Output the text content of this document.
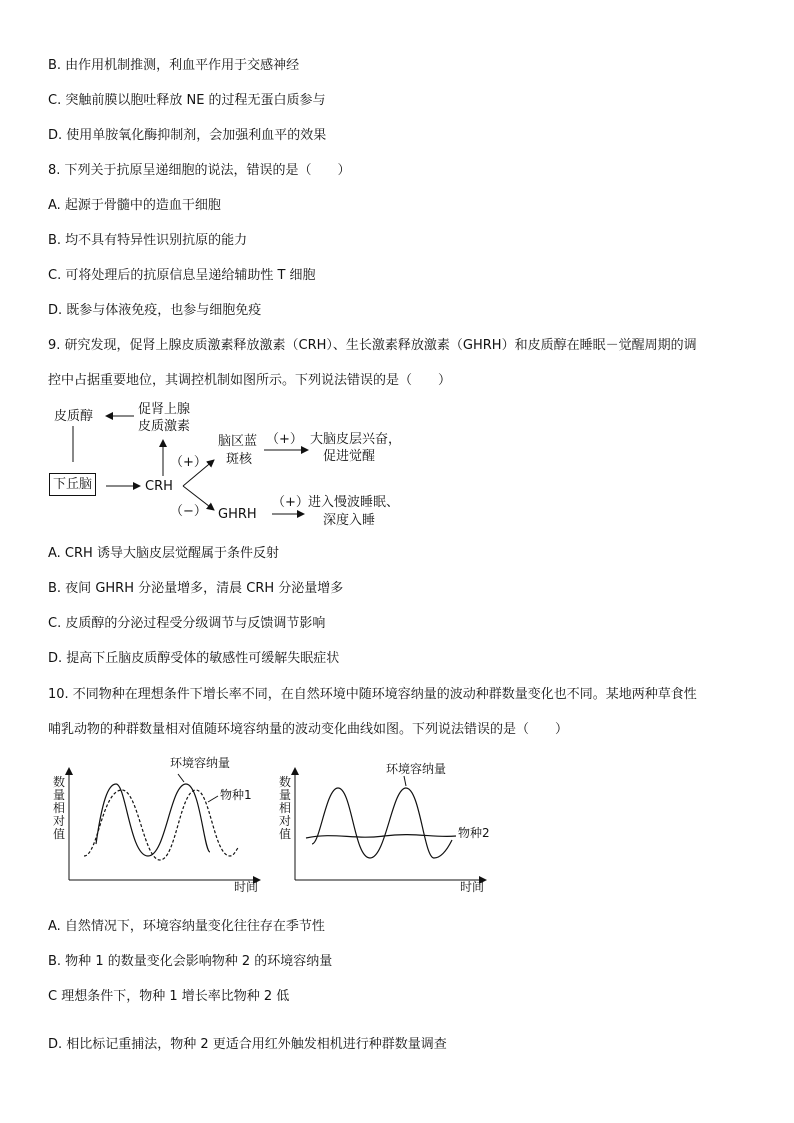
B. 由作用机制推测，利血平作用于交感神经
C. 突触前膜以胞吐释放 NE 的过程无蛋白质参与
D. 使用单胺氧化酶抑制剂，会加强利血平的效果
8. 下列关于抗原呈递细胞的说法，错误的是（　　）
A. 起源于骨髓中的造血干细胞
B. 均不具有特异性识别抗原的能力
C. 可将处理后的抗原信息呈递给辅助性 T 细胞
D. 既参与体液免疫，也参与细胞免疫
9. 研究发现，促肾上腺皮质激素释放激素（CRH）、生长激素释放激素（GHRH）和皮质醇在睡眠－觉醒周期的调
控中占据重要地位，其调控机制如图所示。下列说法错误的是（　　）
皮质醇	促肾上腺
皮质激素
下丘脑	CRH
（+）
（−）
脑区蓝
斑核
（+） 大脑皮层兴奋，
促进觉醒
GHRH
（+） 进入慢波睡眠、
深度入睡
A. CRH 诱导大脑皮层觉醒属于条件反射
B. 夜间 GHRH 分泌量增多，清晨 CRH 分泌量增多
C. 皮质醇的分泌过程受分级调节与反馈调节影响
D. 提高下丘脑皮质醇受体的敏感性可缓解失眠症状
10. 不同物种在理想条件下增长率不同，在自然环境中随环境容纳量的波动种群数量变化也不同。某地两种草食性
哺乳动物的种群数量相对值随环境容纳量的波动变化曲线如图。下列说法错误的是（　　）
数量相对值
时间
环境容纳量
物种1
数量相对值
时间
环境容纳量
物种2
A. 自然情况下，环境容纳量变化往往存在季节性
B. 物种 1 的数量变化会影响物种 2 的环境容纳量
C 理想条件下，物种 1 增长率比物种 2 低
D. 相比标记重捕法，物种 2 更适合用红外触发相机进行种群数量调查
